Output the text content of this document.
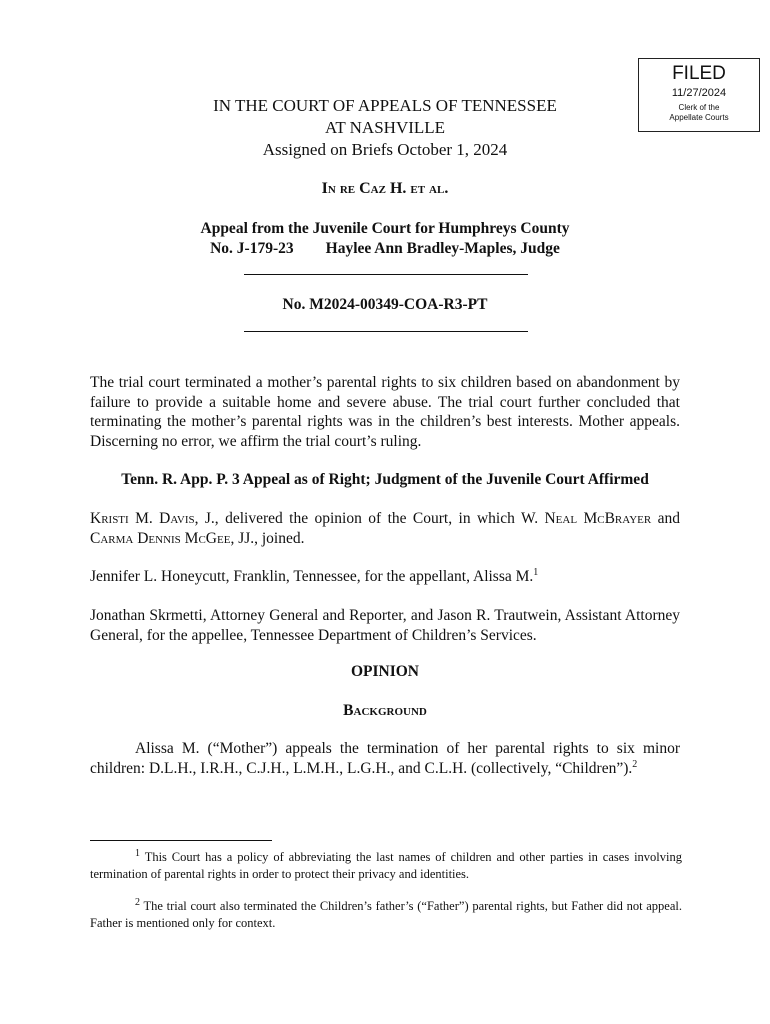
FILED
11/27/2024
Clerk of the
Appellate Courts
IN THE COURT OF APPEALS OF TENNESSEE
AT NASHVILLE
Assigned on Briefs October 1, 2024
In re Caz H. et al.
Appeal from the Juvenile Court for Humphreys County
No. J-179-23 Haylee Ann Bradley-Maples, Judge
No. M2024-00349-COA-R3-PT

The trial court terminated a mother’s parental rights to six children based on abandonment by failure to provide a suitable home and severe abuse. The trial court further concluded that terminating the mother’s parental rights was in the children’s best interests. Mother appeals. Discerning no error, we affirm the trial court’s ruling.

Tenn. R. App. P. 3 Appeal as of Right; Judgment of the Juvenile Court Affirmed

Kristi M. Davis, J., delivered the opinion of the Court, in which W. Neal McBrayer and Carma Dennis McGee, JJ., joined.

Jennifer L. Honeycutt, Franklin, Tennessee, for the appellant, Alissa M.$^1$

Jonathan Skrmetti, Attorney General and Reporter, and Jason R. Trautwein, Assistant Attorney General, for the appellee, Tennessee Department of Children’s Services.

OPINION
Background

Alissa M. (“Mother”) appeals the termination of her parental rights to six minor children: D.L.H., I.R.H., C.J.H., L.M.H., L.G.H., and C.L.H. (collectively, “Children”).$^2$

$^1$ This Court has a policy of abbreviating the last names of children and other parties in cases involving termination of parental rights in order to protect their privacy and identities.

$^2$ The trial court also terminated the Children’s father’s (“Father”) parental rights, but Father did not appeal. Father is mentioned only for context.
